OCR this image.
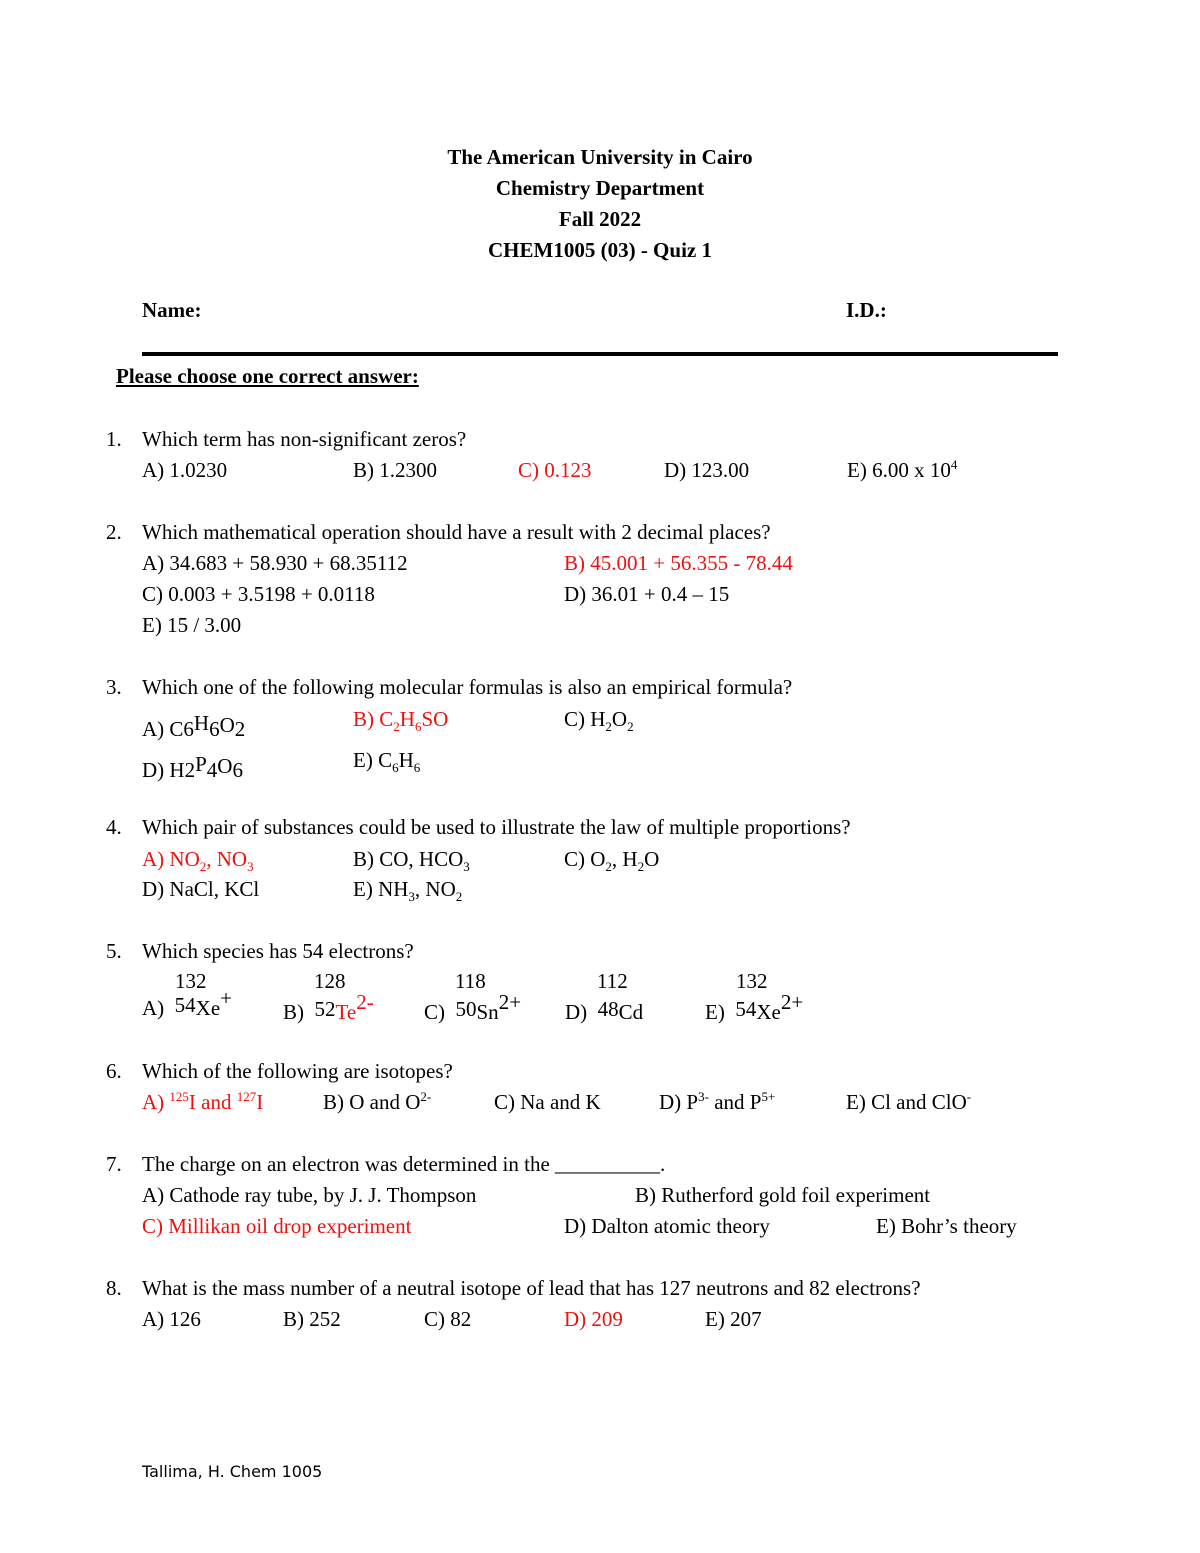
The American University in Cairo
Chemistry Department
Fall 2022
CHEM1005 (03) - Quiz 1
Name:	I.D.:
Please choose one correct answer:
1. Which term has non-significant zeros?
A) 1.0230	B) 1.2300	C) 0.123	D) 123.00	E) 6.00 x $10^4$
2. Which mathematical operation should have a result with 2 decimal places?
A) 34.683 + 58.930 + 68.35112	B) 45.001 + 56.355 - 78.44
C) 0.003 + 3.5198 + 0.0118	D) 36.01 + 0.4 – 15
E) 15 / 3.00
3. Which one of the following molecular formulas is also an empirical formula?
A) C6H6O2	B) $C_2H_6SO$	C) $H_2O_2$
D) H2P4O6	E) $C_6H_6$
4. Which pair of substances could be used to illustrate the law of multiple proportions?
A) $NO_2$, $NO_3$	B) CO, $HCO_3$	C) $O_2$, $H_2O$
D) NaCl, KCl	E) $NH_3$, $NO_2$
5. Which species has 54 electrons?
132
A)  54Xe+
128
B)  52Te2-
118
C)  50Sn2+
112
D)  48Cd
132
E)  54Xe2+
6. Which of the following are isotopes?
A) $^{125}$I and $^{127}$I	B) O and $O^{2-}$	C) Na and K	D) $P^{3-}$ and $P^{5+}$	E) Cl and ClO-
7. The charge on an electron was determined in the __________.
A) Cathode ray tube, by J. J. Thompson	B) Rutherford gold foil experiment
C) Millikan oil drop experiment	D) Dalton atomic theory	E) Bohr’s theory
8. What is the mass number of a neutral isotope of lead that has 127 neutrons and 82 electrons?
A) 126	B) 252	C) 82	D) 209	E) 207
Tallima, H. Chem 1005
